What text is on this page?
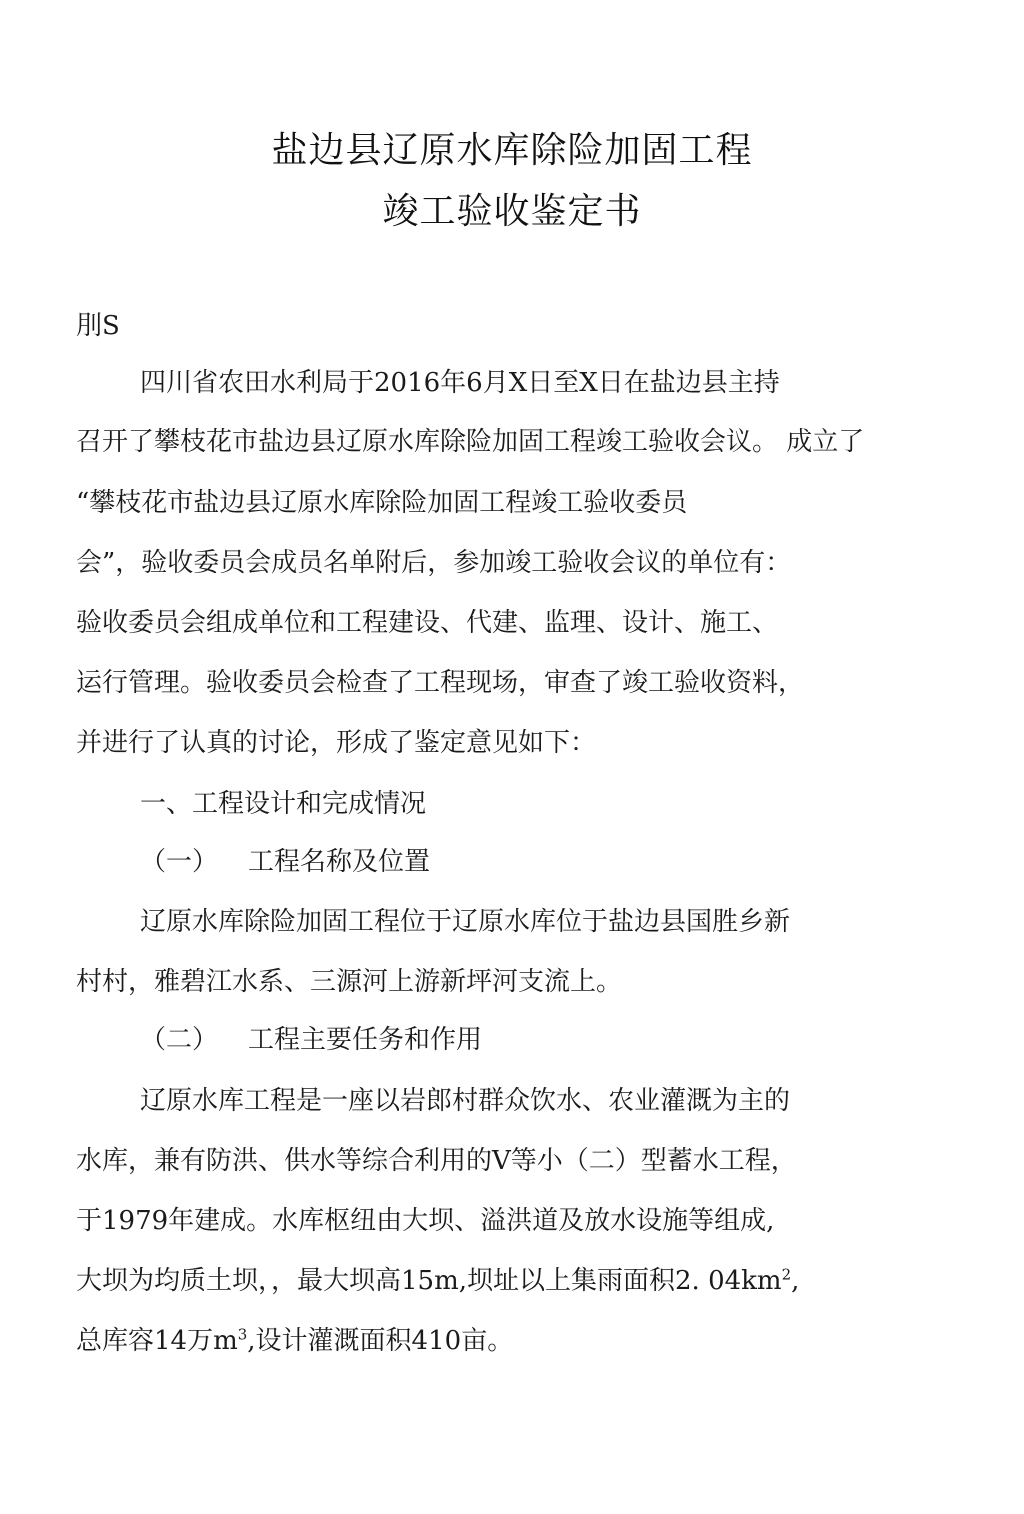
盐边县辽原水库除险加固工程
竣工验收鉴定书
刖S
四川省农田水利局于2016年6月X日至X日在盐边县主持
召开了攀枝花市盐边县辽原水库除险加固工程竣工验收会议。 成立了
“攀枝花市盐边县辽原水库除险加固工程竣工验收委员
会”，验收委员会成员名单附后，参加竣工验收会议的单位有：
验收委员会组成单位和工程建设、代建、监理、设计、施工、
运行管理。验收委员会检查了工程现场，审查了竣工验收资料，
并进行了认真的讨论，形成了鉴定意见如下：
一、工程设计和完成情况
（一） 工程名称及位置
辽原水库除险加固工程位于辽原水库位于盐边县国胜乡新
村村，雅碧江水系、三源河上游新坪河支流上。
（二） 工程主要任务和作用
辽原水库工程是一座以岩郎村群众饮水、农业灌溉为主的
水库，兼有防洪、供水等综合利用的V等小（二）型蓄水工程，
于1979年建成。水库枢纽由大坝、溢洪道及放水设施等组成,
大坝为均质土坝，，最大坝高15m,坝址以上集雨面积2. $04km^2$,
总库容14万$m^3$,设计灌溉面积410亩。
